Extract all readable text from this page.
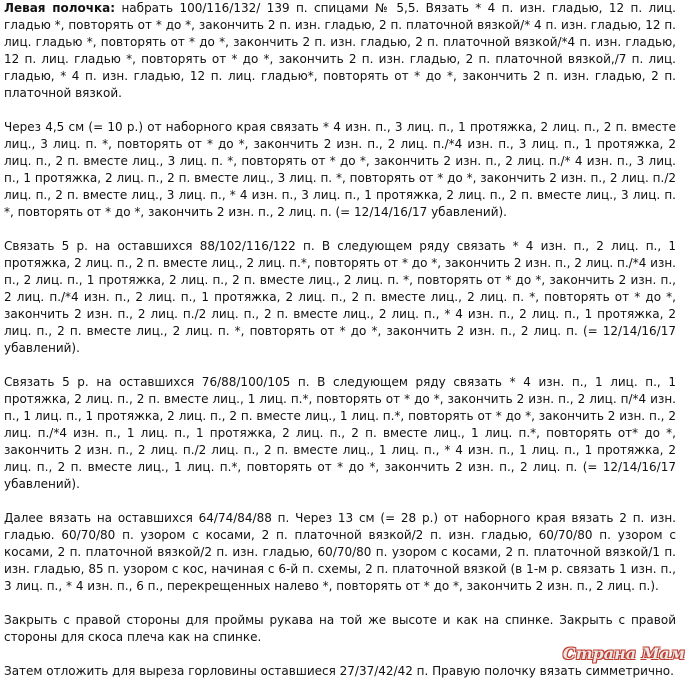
Левая полочка: набрать 100/116/132/ 139 п. спицами № 5,5. Вязать * 4 п. изн. гладью, 12 п. лиц. гладью *, повторять от * до *, закончить 2 п. изн. гладью, 2 п. платочной вязкой/* 4 п. изн. гладью, 12 п. лиц. гладью *, повторять от * до *, закончить 2 п. изн. гладью, 2 п. платочной вязкой/*4 п. изн. гладью, 12 п. лиц. гладью *, повторять от * до *, закончить 2 п. изн. гладью, 2 п. платочной вязкой,/7 п. лиц. гладью, * 4 п. изн. гладью, 12 п. лиц. гладью*, повторять от * до *, закончить 2 п. изн. гладью, 2 п. платочной вязкой.

Через 4,5 см (= 10 р.) от наборного края связать * 4 изн. п., 3 лиц. п., 1 протяжка, 2 лиц. п., 2 п. вместе лиц., 3 лиц. п. *, повторять от * до *, закончить 2 изн. п., 2 лиц. п./*4 изн. п., 3 лиц. п., 1 протяжка, 2 лиц. п., 2 п. вместе лиц., 3 лиц. п. *, повторять от * до *, закончить 2 изн. п., 2 лиц. п./* 4 изн. п., 3 лиц. п., 1 протяжка, 2 лиц. п., 2 п. вместе лиц., 3 лиц. п. *, повторять от * до *, закончить 2 изн. п., 2 лиц. п./2 лиц. п., 2 п. вместе лиц., 3 лиц. п., * 4 изн. п., 3 лиц. п., 1 протяжка, 2 лиц. п., 2 п. вместе лиц., 3 лиц. п. *, повторять от * до *, закончить 2 изн. п., 2 лиц. п. (= 12/14/16/17 убавлений).

Связать 5 р. на оставшихся 88/102/116/122 п. В следующем ряду связать * 4 изн. п., 2 лиц. п., 1 протяжка, 2 лиц. п., 2 п. вместе лиц., 2 лиц. п.*, повторять от * до *, закончить 2 изн. п., 2 лиц. п./*4 изн. п., 2 лиц. п., 1 протяжка, 2 лиц. п., 2 п. вместе лиц., 2 лиц. п. *, повторять от * до *, закончить 2 изн. п., 2 лиц. п./*4 изн. п., 2 лиц. п., 1 протяжка, 2 лиц. п., 2 п. вместе лиц., 2 лиц. п. *, повторять от * до *, закончить 2 изн. п., 2 лиц. п./2 лиц. п., 2 п. вместе лиц., 2 лиц. п., * 4 изн. п., 2 лиц. п., 1 протяжка, 2 лиц. п., 2 п. вместе лиц., 2 лиц. п. *, повторять от * до *, закончить 2 изн. п., 2 лиц. п. (= 12/14/16/17 убавлений).

Связать 5 р. на оставшихся 76/88/100/105 п. В следующем ряду связать * 4 изн. п., 1 лиц. п., 1 протяжка, 2 лиц. п., 2 п. вместе лиц., 1 лиц. п.*, повторять от * до *, закончить 2 изн. п., 2 лиц. п/*4 изн. п., 1 лиц. п., 1 протяжка, 2 лиц. п., 2 п. вместе лиц., 1 лиц. п.*, повторять от * до *, закончить 2 изн. п., 2 лиц. п./*4 изн. п., 1 лиц. п., 1 протяжка, 2 лиц. п., 2 п. вместе лиц., 1 лиц. п.*, повторять от* до *, закончить 2 изн. п., 2 лиц. п./2 лиц. п., 2 п. вместе лиц., 1 лиц. п., * 4 изн. п., 1 лиц. п., 1 протяжка, 2 лиц. п., 2 п. вместе лиц., 1 лиц. п.*, повторять от * до *, закончить 2 изн. п., 2 лиц. п. (= 12/14/16/17 убавлений).

Далее вязать на оставшихся 64/74/84/88 п. Через 13 см (= 28 р.) от наборного края вязать 2 п. изн. гладью. 60/70/80 п. узором с косами, 2 п. платочной вязкой/2 п. изн. гладью, 60/70/80 п. узором с косами, 2 п. платочной вязкой/2 п. изн. гладью, 60/70/80 п. узором с косами, 2 п. платочной вязкой/1 п. изн. гладью, 85 п. узором с кос, начиная с 6-й п. схемы, 2 п. платочной вязкой (в 1-м р. связать 1 изн. п., 3 лиц. п., * 4 изн. п., 6 п., перекрещенных налево *, повторять от * до *, закончить 2 изн. п., 2 лиц. п.).

Закрыть с правой стороны для проймы рукава на той же высоте и как на спинке. Закрыть с правой стороны для скоса плеча как на спинке.

Затем отложить для выреза горловины оставшиеся 27/37/42/42 п. Правую полочку вязать симметрично.

Страна Мам
